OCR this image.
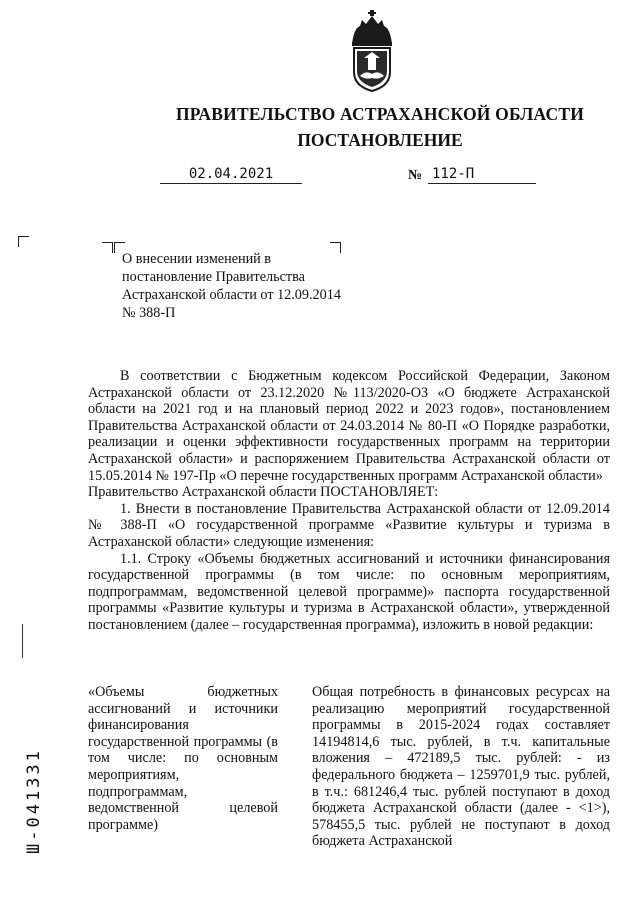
ПРАВИТЕЛЬСТВО АСТРАХАНСКОЙ ОБЛАСТИ
ПОСТАНОВЛЕНИЕ
02.04.2021	№ 112-П
О внесении изменений в постановление Правительства Астраханской области от 12.09.2014 № 388-П

В соответствии с Бюджетным кодексом Российской Федерации, Законом Астраханской области от 23.12.2020 №113/2020-ОЗ «О бюджете Астраханской области на 2021 год и на плановый период 2022 и 2023 годов», постановлением Правительства Астраханской области от 24.03.2014 № 80-П «О Порядке разработки, реализации и оценки эффективности государственных программ на территории Астраханской области» и распоряжением Правительства Астраханской области от 15.05.2014 № 197-Пр «О перечне государственных программ Астраханской области»

Правительство Астраханской области ПОСТАНОВЛЯЕТ:

1. Внести в постановление Правительства Астраханской области от 12.09.2014 № 388-П «О государственной программе «Развитие культуры и туризма в Астраханской области» следующие изменения:

1.1. Строку «Объемы бюджетных ассигнований и источники финансирования государственной программы (в том числе: по основным мероприятиям, подпрограммам, ведомственной целевой программе)» паспорта государственной программы «Развитие культуры и туризма в Астраханской области», утвержденной постановлением (далее – государственная программа), изложить в новой редакции:

«Объемы бюджетных ассигнований и источники финансирования государственной программы (в том числе: по основным мероприятиям, подпрограммам, ведомственной целевой программе)
Общая потребность в финансовых ресурсах на реализацию мероприятий государственной программы в 2015-2024 годах составляет 14194814,6 тыс. рублей, в т.ч. капитальные вложения – 472189,5 тыс. рублей: - из федерального бюджета – 1259701,9 тыс. рублей, в т.ч.: 681246,4 тыс. рублей поступают в доход бюджета Астраханской области (далее - <1>), 578455,5 тыс. рублей не поступают в доход бюджета Астраханской
Ш-041331
